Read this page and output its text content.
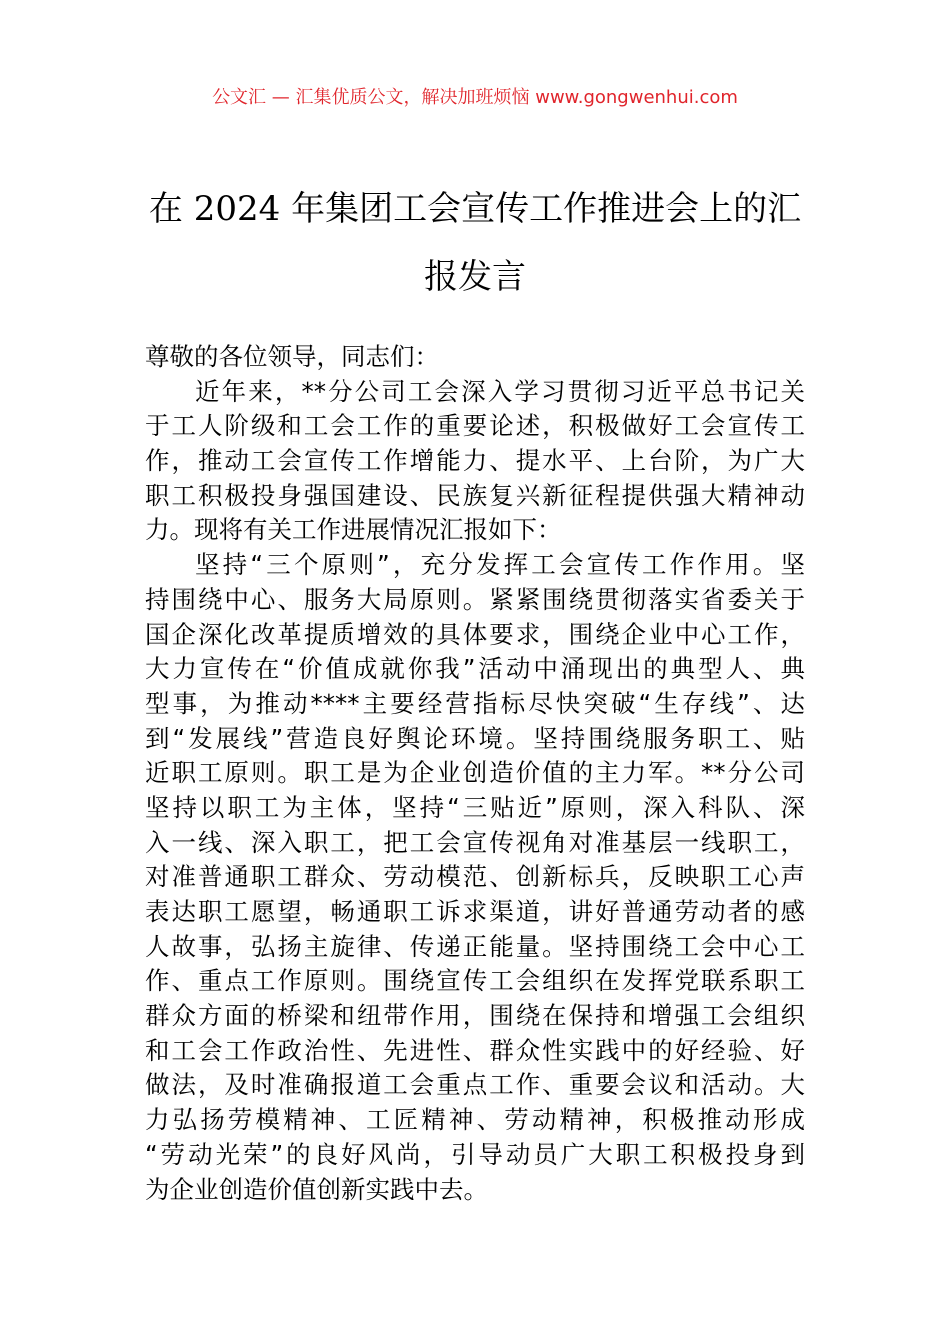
公文汇 — 汇集优质公文，解决加班烦恼 www.gongwenhui.com
在 2024 年集团工会宣传工作推进会上的汇
报发言
尊敬的各位领导，同志们：
近年来，**分公司工会深入学习贯彻习近平总书记关
于工人阶级和工会工作的重要论述，积极做好工会宣传工
作，推动工会宣传工作增能力、提水平、上台阶，为广大
职工积极投身强国建设、民族复兴新征程提供强大精神动
力。现将有关工作进展情况汇报如下：
坚持“三个原则”，充分发挥工会宣传工作作用。坚
持围绕中心、服务大局原则。紧紧围绕贯彻落实省委关于
国企深化改革提质增效的具体要求，围绕企业中心工作，
大力宣传在“价值成就你我”活动中涌现出的典型人、典
型事，为推动****主要经营指标尽快突破“生存线”、达
到“发展线”营造良好舆论环境。坚持围绕服务职工、贴
近职工原则。职工是为企业创造价值的主力军。**分公司
坚持以职工为主体，坚持“三贴近”原则，深入科队、深
入一线、深入职工，把工会宣传视角对准基层一线职工，
对准普通职工群众、劳动模范、创新标兵，反映职工心声
表达职工愿望，畅通职工诉求渠道，讲好普通劳动者的感
人故事，弘扬主旋律、传递正能量。坚持围绕工会中心工
作、重点工作原则。围绕宣传工会组织在发挥党联系职工
群众方面的桥梁和纽带作用，围绕在保持和增强工会组织
和工会工作政治性、先进性、群众性实践中的好经验、好
做法，及时准确报道工会重点工作、重要会议和活动。大
力弘扬劳模精神、工匠精神、劳动精神，积极推动形成
“劳动光荣”的良好风尚，引导动员广大职工积极投身到
为企业创造价值创新实践中去。
